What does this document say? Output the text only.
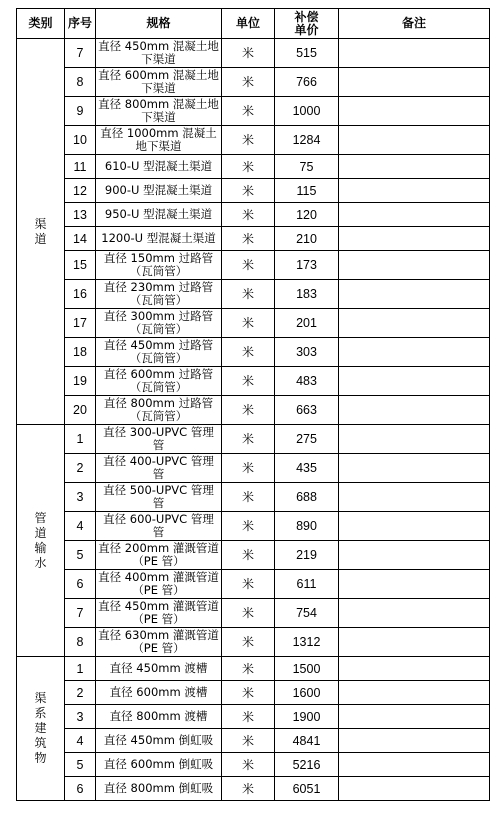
类别	序号	规格	单位	补偿单价	备注
渠道	7	直径 450mm 混凝土地下渠道	米	515	
	8	直径 600mm 混凝土地下渠道	米	766	
	9	直径 800mm 混凝土地下渠道	米	1000	
	10	直径 1000mm 混凝土地下渠道	米	1284	
	11	610-U 型混凝土渠道	米	75	
	12	900-U 型混凝土渠道	米	115	
	13	950-U 型混凝土渠道	米	120	
	14	1200-U 型混凝土渠道	米	210	
	15	直径 150mm 过路管（瓦筒管）	米	173	
	16	直径 230mm 过路管（瓦筒管）	米	183	
	17	直径 300mm 过路管（瓦筒管）	米	201	
	18	直径 450mm 过路管（瓦筒管）	米	303	
	19	直径 600mm 过路管（瓦筒管）	米	483	
	20	直径 800mm 过路管（瓦筒管）	米	663	
管道输水	1	直径 300-UPVC 管理管	米	275	
	2	直径 400-UPVC 管理管	米	435	
	3	直径 500-UPVC 管理管	米	688	
	4	直径 600-UPVC 管理管	米	890	
	5	直径 200mm 灌溉管道（PE 管）	米	219	
	6	直径 400mm 灌溉管道（PE 管）	米	611	
	7	直径 450mm 灌溉管道（PE 管）	米	754	
	8	直径 630mm 灌溉管道（PE 管）	米	1312	
渠系建筑物	1	直径 450mm 渡槽	米	1500	
	2	直径 600mm 渡槽	米	1600	
	3	直径 800mm 渡槽	米	1900	
	4	直径 450mm 倒虹吸	米	4841	
	5	直径 600mm 倒虹吸	米	5216	
	6	直径 800mm 倒虹吸	米	6051	
